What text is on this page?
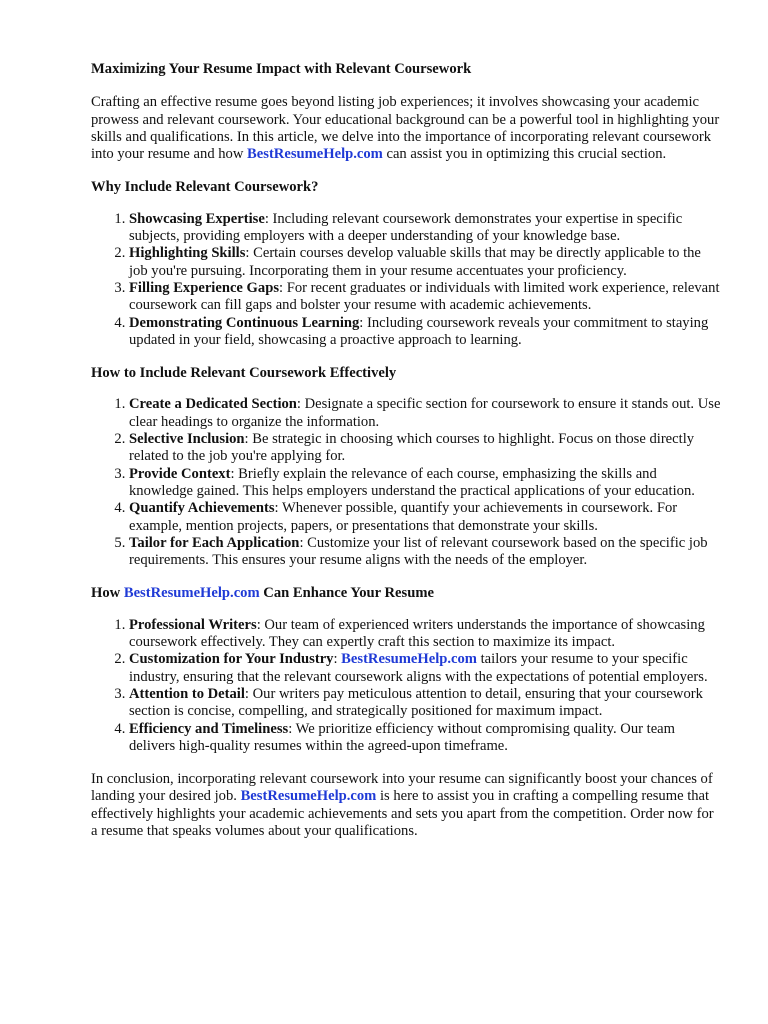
Maximizing Your Resume Impact with Relevant Coursework

Crafting an effective resume goes beyond listing job experiences; it involves showcasing your academic prowess and relevant coursework. Your educational background can be a powerful tool in highlighting your skills and qualifications. In this article, we delve into the importance of incorporating relevant coursework into your resume and how BestResumeHelp.com can assist you in optimizing this crucial section.

Why Include Relevant Coursework?
1. Showcasing Expertise: Including relevant coursework demonstrates your expertise in specific subjects, providing employers with a deeper understanding of your knowledge base.
2. Highlighting Skills: Certain courses develop valuable skills that may be directly applicable to the job you're pursuing. Incorporating them in your resume accentuates your proficiency.
3. Filling Experience Gaps: For recent graduates or individuals with limited work experience, relevant coursework can fill gaps and bolster your resume with academic achievements.
4. Demonstrating Continuous Learning: Including coursework reveals your commitment to staying updated in your field, showcasing a proactive approach to learning.
How to Include Relevant Coursework Effectively
1. Create a Dedicated Section: Designate a specific section for coursework to ensure it stands out. Use clear headings to organize the information.
2. Selective Inclusion: Be strategic in choosing which courses to highlight. Focus on those directly related to the job you're applying for.
3. Provide Context: Briefly explain the relevance of each course, emphasizing the skills and knowledge gained. This helps employers understand the practical applications of your education.
4. Quantify Achievements: Whenever possible, quantify your achievements in coursework. For example, mention projects, papers, or presentations that demonstrate your skills.
5. Tailor for Each Application: Customize your list of relevant coursework based on the specific job requirements. This ensures your resume aligns with the needs of the employer.
How BestResumeHelp.com Can Enhance Your Resume
1. Professional Writers: Our team of experienced writers understands the importance of showcasing coursework effectively. They can expertly craft this section to maximize its impact.
2. Customization for Your Industry: BestResumeHelp.com tailors your resume to your specific industry, ensuring that the relevant coursework aligns with the expectations of potential employers.
3. Attention to Detail: Our writers pay meticulous attention to detail, ensuring that your coursework section is concise, compelling, and strategically positioned for maximum impact.
4. Efficiency and Timeliness: We prioritize efficiency without compromising quality. Our team delivers high-quality resumes within the agreed-upon timeframe.

In conclusion, incorporating relevant coursework into your resume can significantly boost your chances of landing your desired job. BestResumeHelp.com is here to assist you in crafting a compelling resume that effectively highlights your academic achievements and sets you apart from the competition. Order now for a resume that speaks volumes about your qualifications.
